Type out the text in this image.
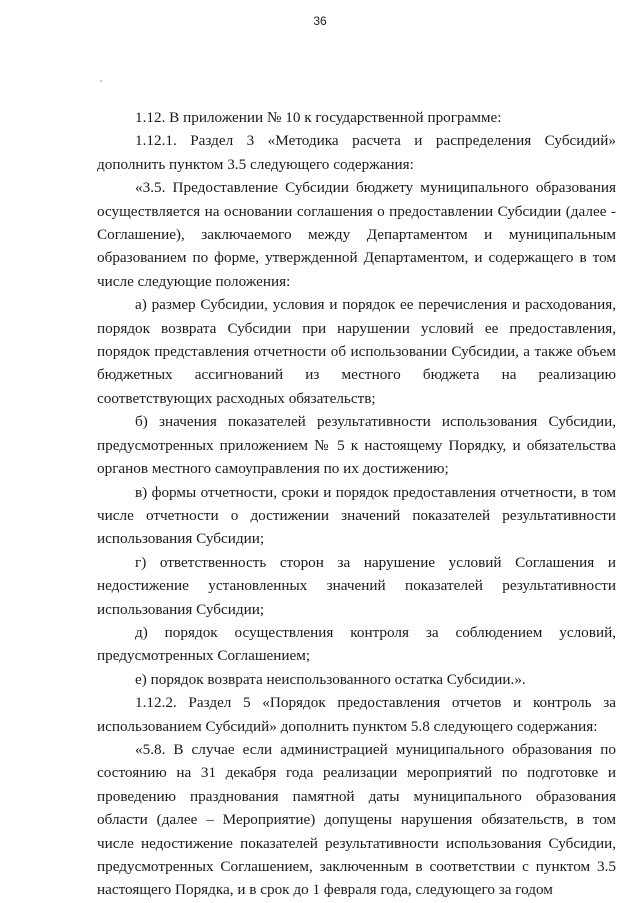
36

1.12. В приложении № 10 к государственной программе:

1.12.1. Раздел 3 «Методика расчета и распределения Субсидий» дополнить пунктом 3.5 следующего содержания:

«3.5. Предоставление Субсидии бюджету муниципального образования осуществляется на основании соглашения о предоставлении Субсидии (далее - Соглашение), заключаемого между Департаментом и муниципальным образованием по форме, утвержденной Департаментом, и содержащего в том числе следующие положения:

а) размер Субсидии, условия и порядок ее перечисления и расходования, порядок возврата Субсидии при нарушении условий ее предоставления, порядок представления отчетности об использовании Субсидии, а также объем бюджетных ассигнований из местного бюджета на реализацию соответствующих расходных обязательств;

б) значения показателей результативности использования Субсидии, предусмотренных приложением № 5 к настоящему Порядку, и обязательства органов местного самоуправления по их достижению;

в) формы отчетности, сроки и порядок предоставления отчетности, в том числе отчетности о достижении значений показателей результативности использования Субсидии;

г) ответственность сторон за нарушение условий Соглашения и недостижение установленных значений показателей результативности использования Субсидии;

д) порядок осуществления контроля за соблюдением условий, предусмотренных Соглашением;

е) порядок возврата неиспользованного остатка Субсидии.».

1.12.2. Раздел 5 «Порядок предоставления отчетов и контроль за использованием Субсидий» дополнить пунктом 5.8 следующего содержания:

«5.8. В случае если администрацией муниципального образования по состоянию на 31 декабря года реализации мероприятий по подготовке и проведению празднования памятной даты муниципального образования области (далее – Мероприятие) допущены нарушения обязательств, в том числе недостижение показателей результативности использования Субсидии, предусмотренных Соглашением, заключенным в соответствии с пунктом 3.5 настоящего Порядка, и в срок до 1 февраля года, следующего за годом
